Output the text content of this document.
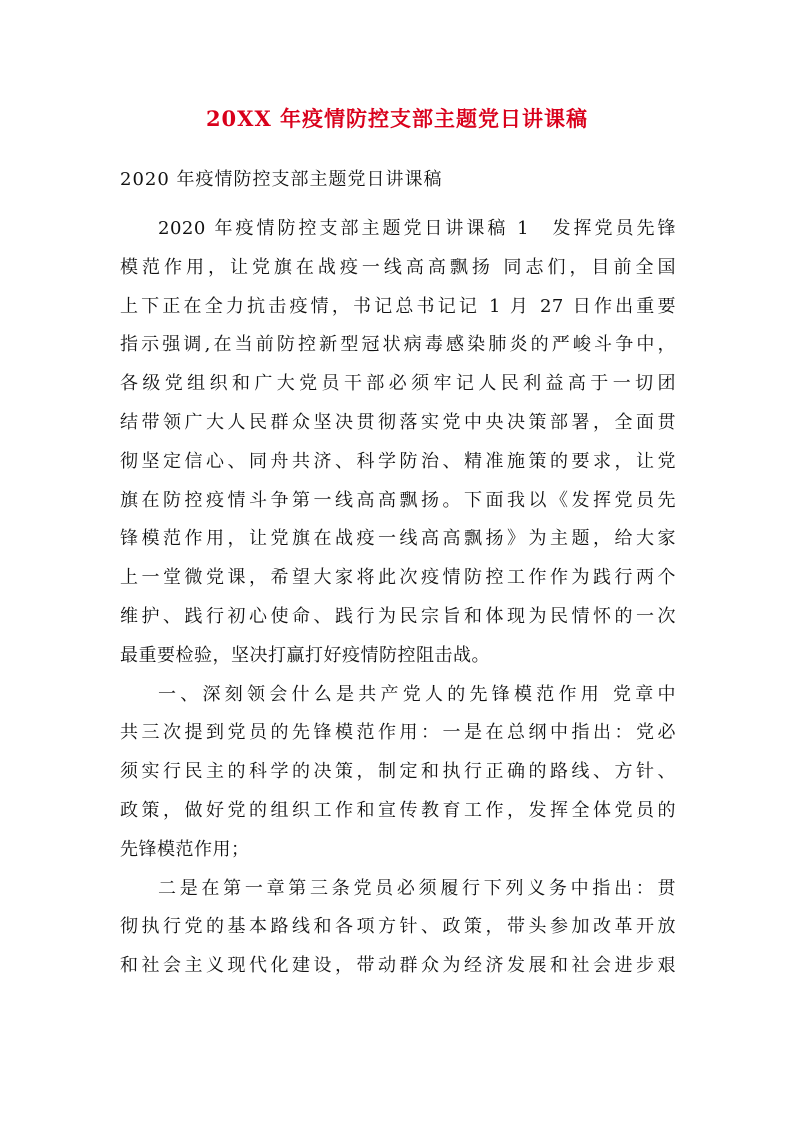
20XX 年疫情防控支部主题党日讲课稿
2020 年疫情防控支部主题党日讲课稿
2020 年疫情防控支部主题党日讲课稿 1　发挥党员先锋
模范作用，让党旗在战疫一线高高飘扬 同志们，目前全国
上下正在全力抗击疫情，书记总书记记 1 月 27 日作出重要
指示强调,在当前防控新型冠状病毒感染肺炎的严峻斗争中，
各级党组织和广大党员干部必须牢记人民利益高于一切团
结带领广大人民群众坚决贯彻落实党中央决策部署，全面贯
彻坚定信心、同舟共济、科学防治、精准施策的要求，让党
旗在防控疫情斗争第一线高高飘扬。下面我以《发挥党员先
锋模范作用，让党旗在战疫一线高高飘扬》为主题，给大家
上一堂微党课，希望大家将此次疫情防控工作作为践行两个
维护、践行初心使命、践行为民宗旨和体现为民情怀的一次
最重要检验，坚决打赢打好疫情防控阻击战。
一、深刻领会什么是共产党人的先锋模范作用 党章中
共三次提到党员的先锋模范作用：一是在总纲中指出：党必
须实行民主的科学的决策，制定和执行正确的路线、方针、
政策，做好党的组织工作和宣传教育工作，发挥全体党员的
先锋模范作用；
二是在第一章第三条党员必须履行下列义务中指出：贯
彻执行党的基本路线和各项方针、政策，带头参加改革开放
和社会主义现代化建设，带动群众为经济发展和社会进步艰
